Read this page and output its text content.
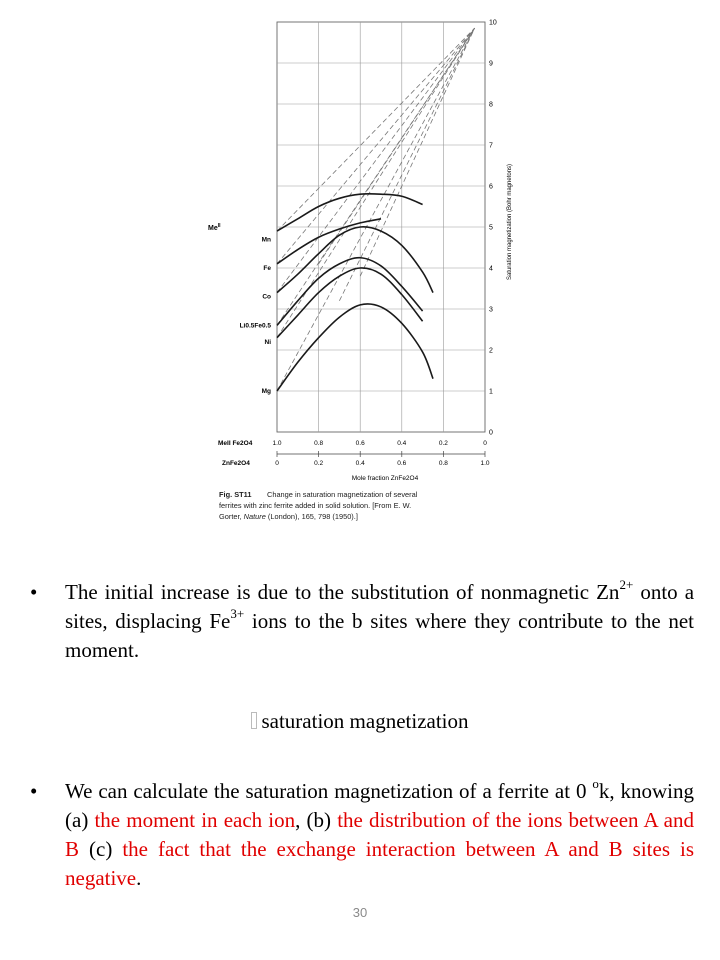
Mn
Fe
Co
Li0.5Fe0.5
Ni
Mg
$Me^{II}$
0
1
2
3
4
5
6
7
8
9
10
Saturation magnetization (Bohr magnetons)
MeII Fe2O4	1.0	0.8	0.6	0.4	0.2	0
ZnFe2O4	0	0.2	0.4	0.6	0.8	1.0
Mole fraction ZnFe2O4
Fig. ST11 Change in saturation magnetization of several ferrites with zinc ferrite added in solid solution. [From E. W. Gorter, Nature (London), 165, 798 (1950).]
• The initial increase is due to the substitution of nonmagnetic $Zn^{2+}$ onto a sites, displacing $Fe^{3+}$ ions to the b sites where they contribute to the net moment.
saturation magnetization
• We can calculate the saturation magnetization of a ferrite at 0 $^o$k, knowing (a) the moment in each ion, (b) the distribution of the ions between A and B (c) the fact that the exchange interaction between A and B sites is negative.
30
